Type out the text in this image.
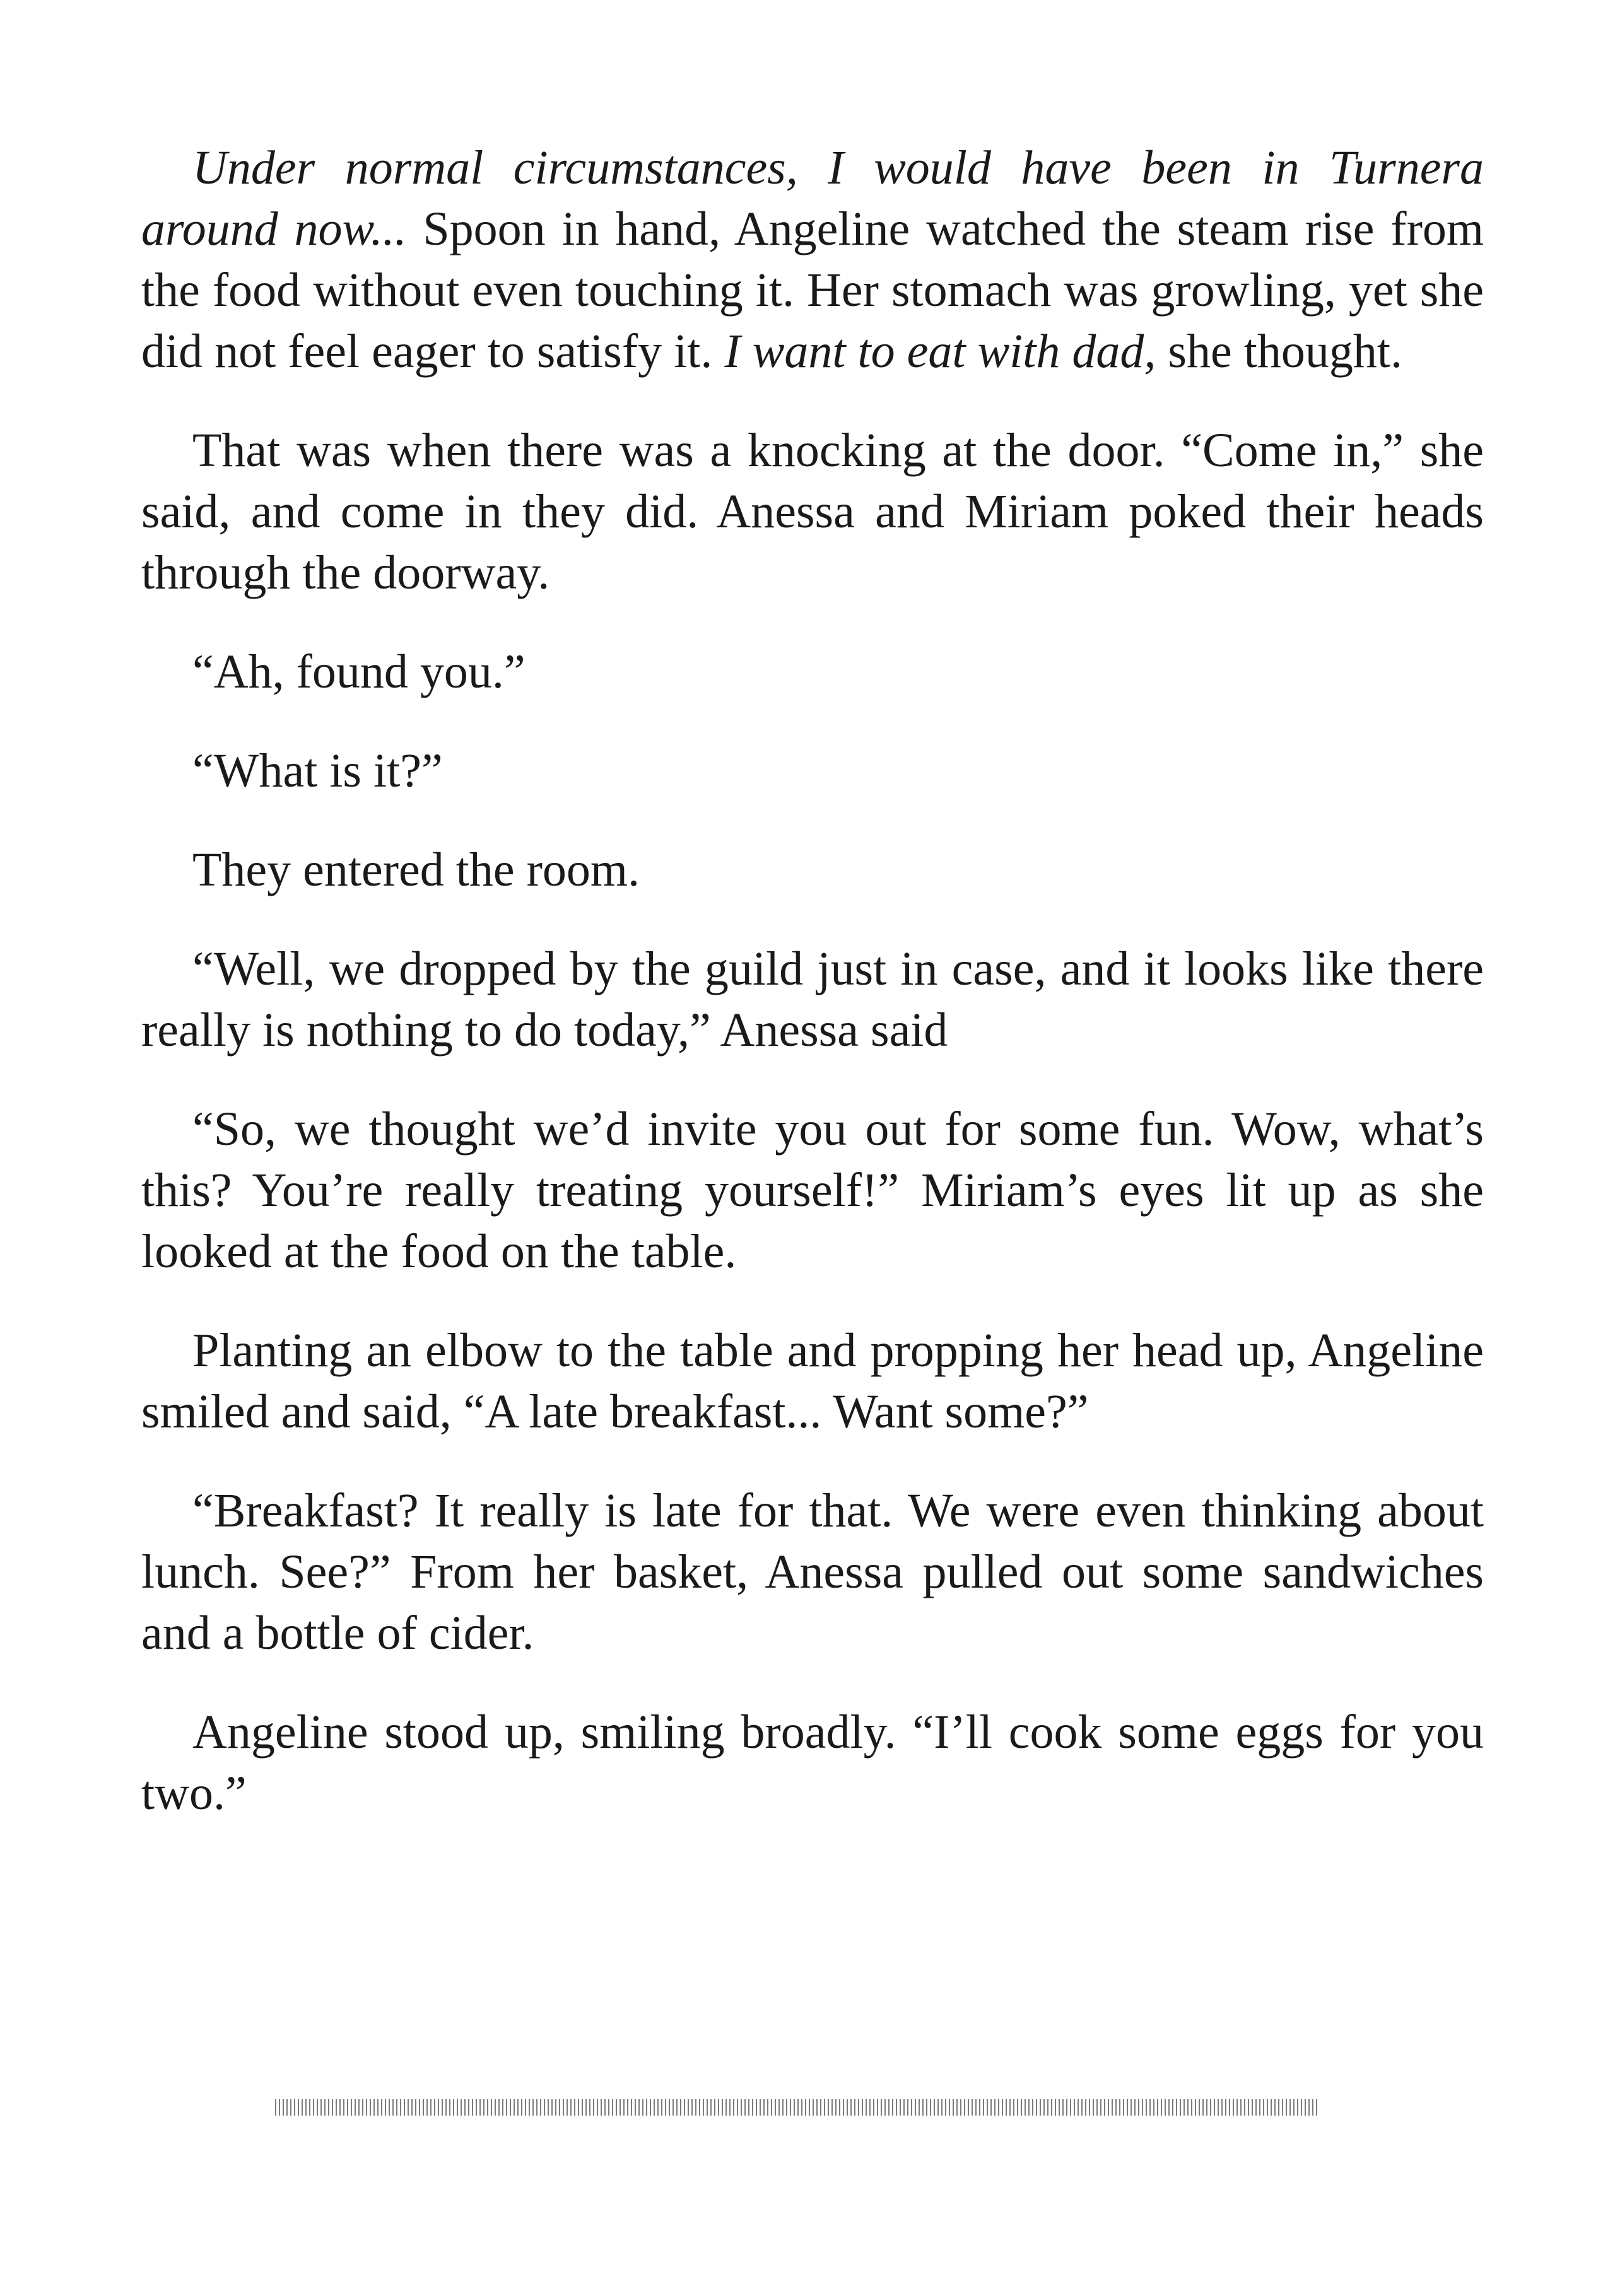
Under normal circumstances, I would have been in Turnera around now... Spoon in hand, Angeline watched the steam rise from the food without even touching it. Her stomach was growling, yet she did not feel eager to satisfy it. I want to eat with dad, she thought.

That was when there was a knocking at the door. “Come in,” she said, and come in they did. Anessa and Miriam poked their heads through the doorway.

“Ah, found you.”

“What is it?”

They entered the room.

“Well, we dropped by the guild just in case, and it looks like there really is nothing to do today,” Anessa said

“So, we thought we’d invite you out for some fun. Wow, what’s this? You’re really treating yourself!” Miriam’s eyes lit up as she looked at the food on the table.

Planting an elbow to the table and propping her head up, Angeline smiled and said, “A late breakfast... Want some?”

“Breakfast? It really is late for that. We were even thinking about lunch. See?” From her basket, Anessa pulled out some sandwiches and a bottle of cider.

Angeline stood up, smiling broadly. “I’ll cook some eggs for you two.”
